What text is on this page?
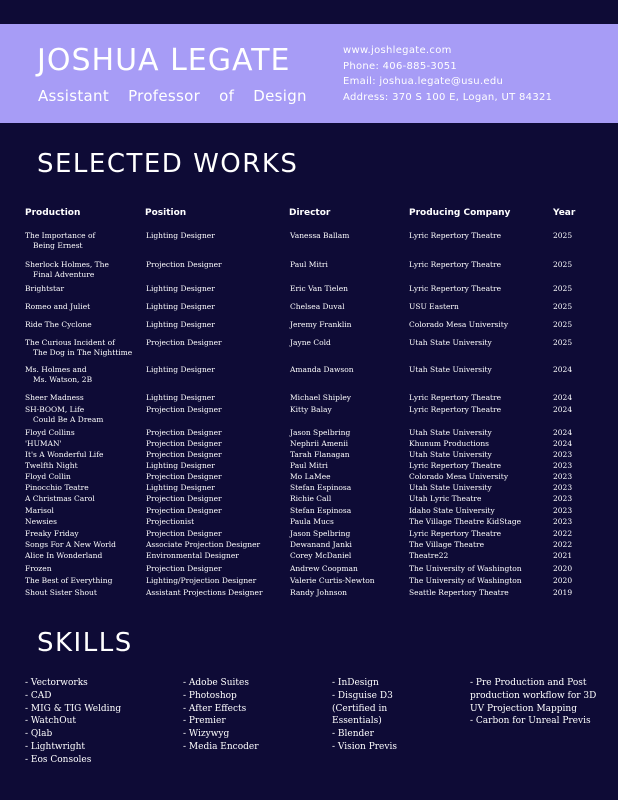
JOSHUA LEGATE
Assistant Professor of Design
www.joshlegate.com
Phone: 406-885-3051
Email: joshua.legate@usu.edu
Address: 370 S 100 E, Logan, UT 84321
SELECTED WORKS
Production	Position	Director	Producing Company	Year
The Importance of
Being Ernest
Lighting Designer	Vanessa Ballam	Lyric Repertory Theatre	2025
Sherlock Holmes, The
Final Adventure
Projection Designer	Paul Mitri	Lyric Repertory Theatre	2025
Brightstar	Lighting Designer	Eric Van Tielen	Lyric Repertory Theatre	2025
Romeo and Juliet	Lighting Designer	Chelsea Duval	USU Eastern	2025
Ride The Cyclone	Lighting Designer	Jeremy Franklin	Colorado Mesa University	2025
The Curious Incident of
The Dog in The Nighttime
Projection Designer	Jayne Cold	Utah State University	2025
Ms. Holmes and
Ms. Watson, 2B
Lighting Designer	Amanda Dawson	Utah State University	2024
Sheer Madness	Lighting Designer	Michael Shipley	Lyric Repertory Theatre	2024
SH-BOOM, Life
Could Be A Dream
Projection Designer	Kitty Balay	Lyric Repertory Theatre	2024
Floyd Collins	Projection Designer	Jason Spelbring	Utah State University	2024
'HUMAN'	Projection Designer	Nephrii Amenii	Khunum Productions	2024
It's A Wonderful Life	Projection Designer	Tarah Flanagan	Utah State University	2023
Twelfth Night	Lighting Designer	Paul Mitri	Lyric Repertory Theatre	2023
Floyd Collin	Projection Designer	Mo LaMee	Colorado Mesa University	2023
Pinocchio Teatre	Lighting Designer	Stefan Espinosa	Utah State University	2023
A Christmas Carol	Projection Designer	Richie Call	Utah Lyric Theatre	2023
Marisol	Projection Designer	Stefan Espinosa	Idaho State University	2023
Newsies	Projectionist	Paula Mucs	The Village Theatre KidStage	2023
Freaky Friday	Projection Designer	Jason Spelbring	Lyric Repertory Theatre	2022
Songs For A New World	Associate Projection Designer	Dewanand Janki	The Village Theatre	2022
Alice In Wonderland	Environmental Designer	Corey McDaniel	Theatre22	2021
Frozen	Projection Designer	Andrew Coopman	The University of Washington	2020
The Best of Everything	Lighting/Projection Designer	Valerie Curtis-Newton	The University of Washington	2020
Shout Sister Shout	Assistant Projections Designer	Randy Johnson	Seattle Repertory Theatre	2019
SKILLS
- Vectorworks
- CAD
- MIG & TIG Welding
- WatchOut
- Qlab
- Lightwright
- Eos Consoles
- Adobe Suites
- Photoshop
- After Effects
- Premier
- Wizywyg
- Media Encoder
- InDesign
- Disguise D3
(Certified in
Essentials)
- Blender
- Vision Previs
- Pre Production and Post
production workflow for 3D
UV Projection Mapping
- Carbon for Unreal Previs
